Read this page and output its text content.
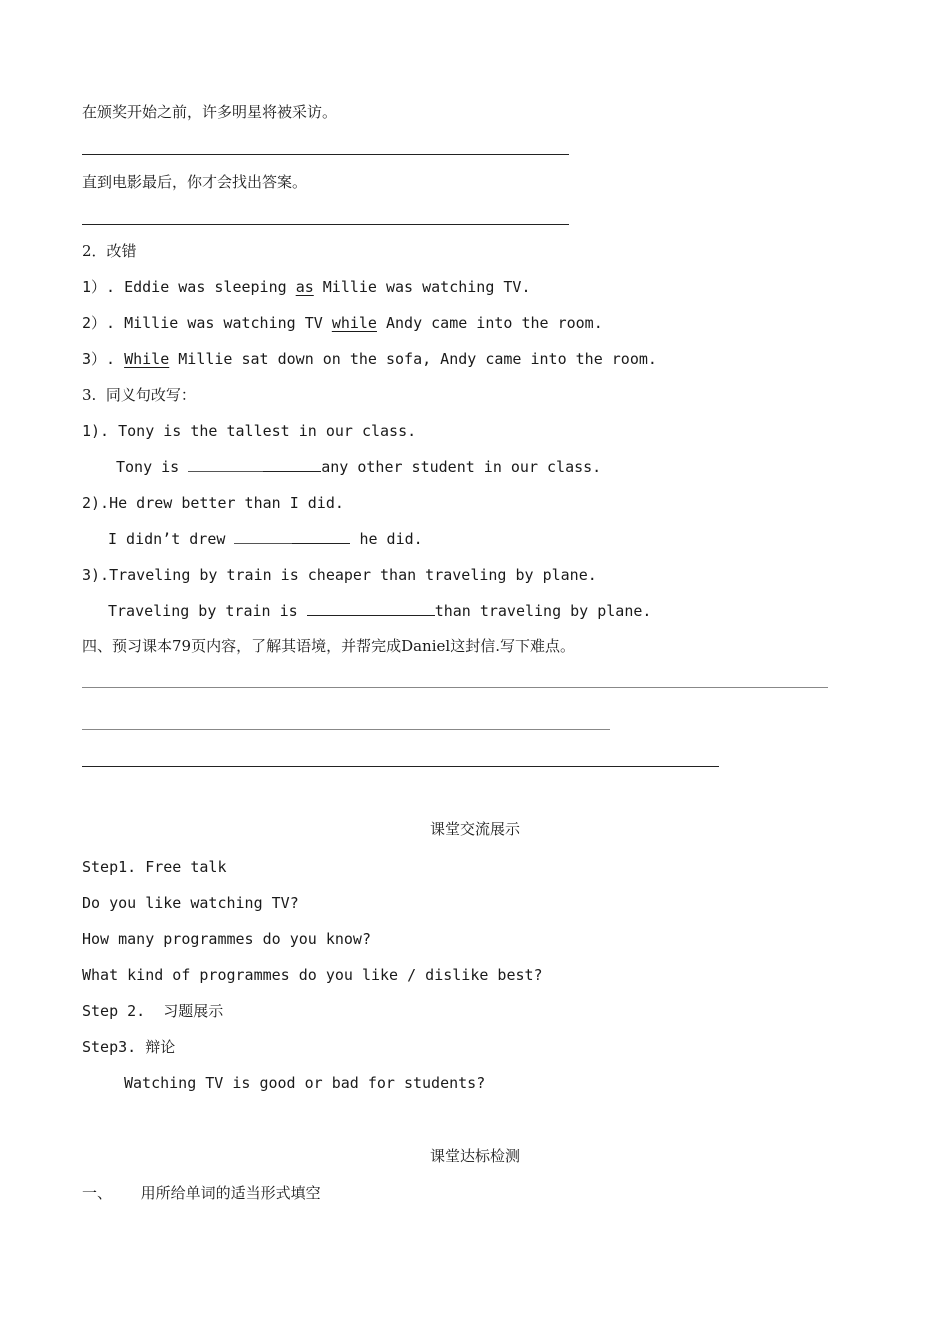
在颁奖开始之前，许多明星将被采访。
直到电影最后，你才会找出答案。
2．改错
1）. Eddie was sleeping as Millie was watching TV.
2）. Millie was watching TV while Andy came into the room.
3）. While Millie sat down on the sofa, Andy came into the room.
3.  同义句改写：
1). Tony is the tallest in our class.
Tony is	any other student in our class.
2).He drew better than I did.
I didn’t drew	he did.
3).Traveling by train is cheaper than traveling by plane.
Traveling by train is	than traveling by plane.
四、预习课本79页内容，了解其语境，并帮完成Daniel这封信.写下难点。
课堂交流展示
Step1. Free talk
Do you like watching TV?
How many programmes do you know?
What kind of programmes do you like / dislike best?
Step 2.  习题展示
Step3. 辩论
Watching TV is good or bad for students?
课堂达标检测
一、      用所给单词的适当形式填空
